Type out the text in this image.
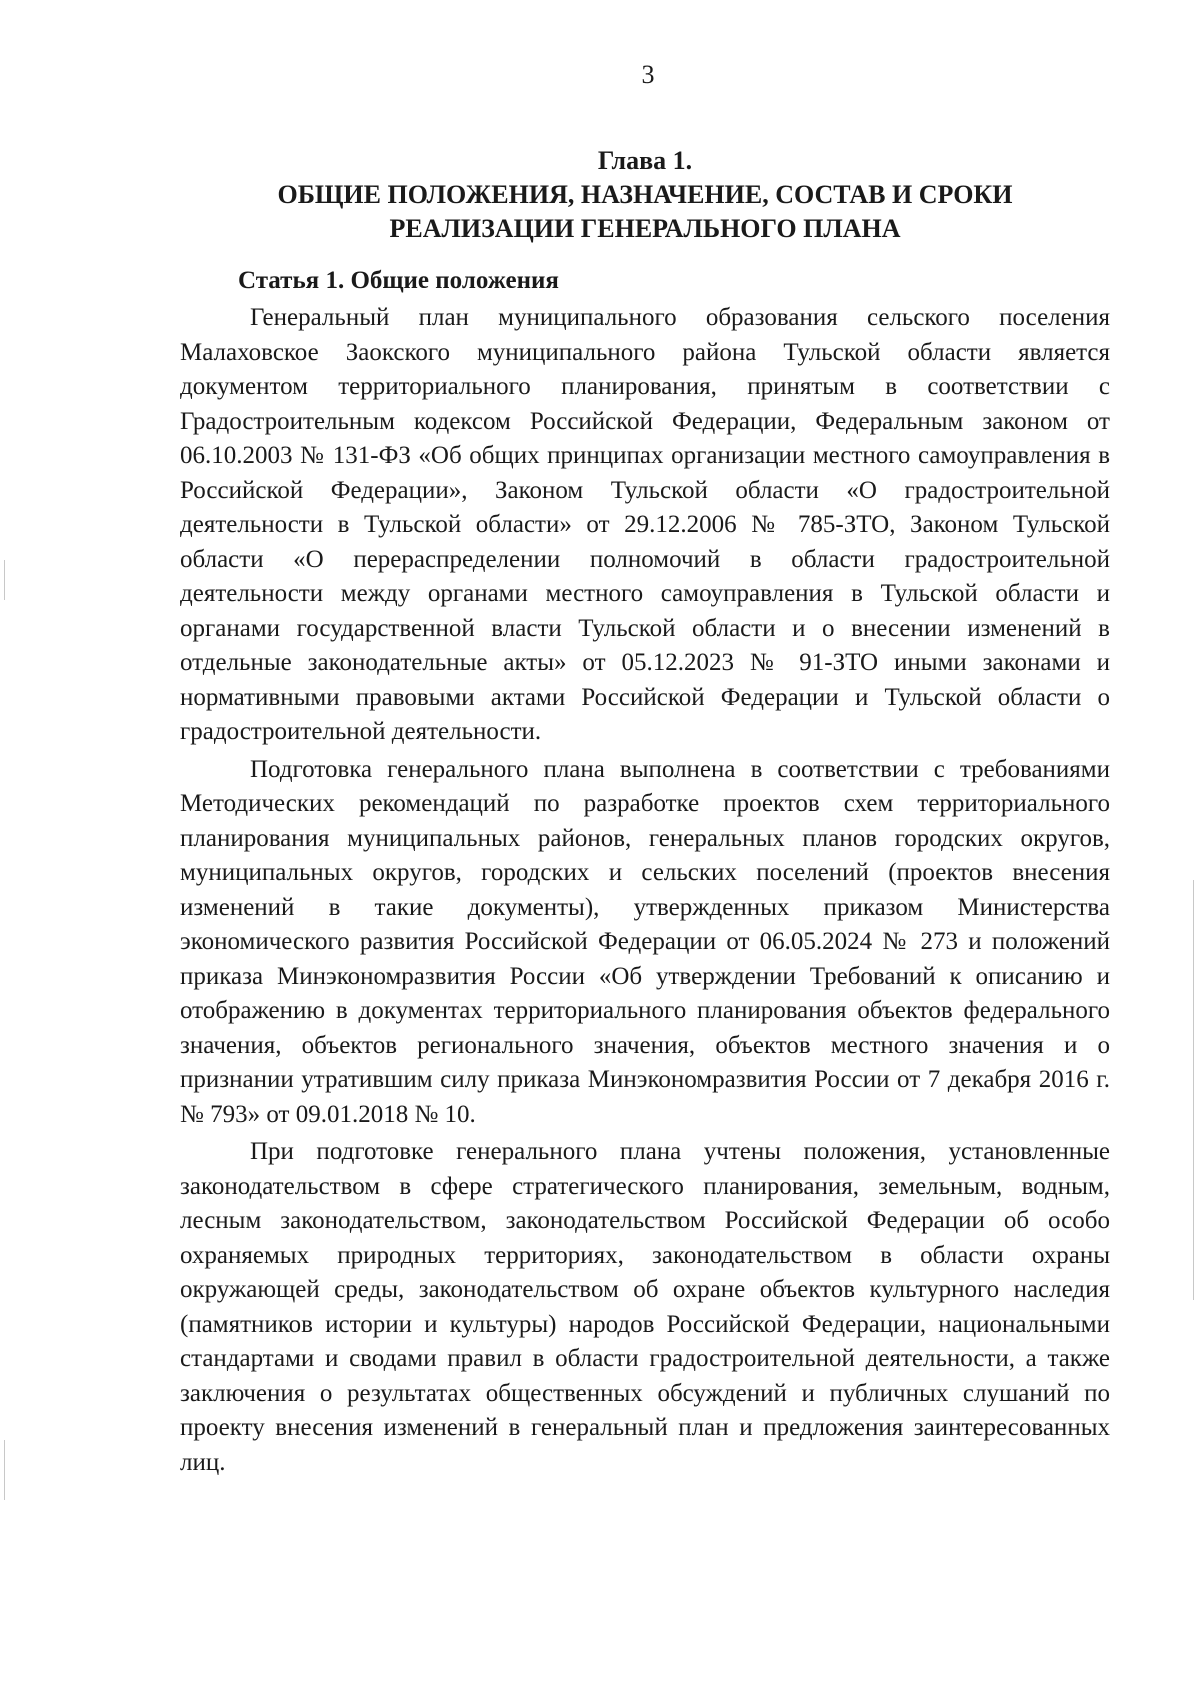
3
Глава 1.
ОБЩИЕ ПОЛОЖЕНИЯ, НАЗНАЧЕНИЕ, СОСТАВ И СРОКИ
РЕАЛИЗАЦИИ ГЕНЕРАЛЬНОГО ПЛАНА
Статья 1. Общие положения

Генеральный план муниципального образования сельского поселения Малаховское Заокского муниципального района Тульской области является документом территориального планирования, принятым в соответствии с Градостроительным кодексом Российской Федерации, Федеральным законом от 06.10.2003 № 131-ФЗ «Об общих принципах организации местного самоуправления в Российской Федерации», Законом Тульской области «О градостроительной деятельности в Тульской области» от 29.12.2006 № 785-ЗТО, Законом Тульской области «О перераспределении полномочий в области градостроительной деятельности между органами местного самоуправления в Тульской области и органами государственной власти Тульской области и о внесении изменений в отдельные законодательные акты» от 05.12.2023 № 91-ЗТО иными законами и нормативными правовыми актами Российской Федерации и Тульской области о градостроительной деятельности.

Подготовка генерального плана выполнена в соответствии с требованиями Методических рекомендаций по разработке проектов схем территориального планирования муниципальных районов, генеральных планов городских округов, муниципальных округов, городских и сельских поселений (проектов внесения изменений в такие документы), утвержденных приказом Министерства экономического развития Российской Федерации от 06.05.2024 № 273 и положений приказа Минэкономразвития России «Об утверждении Требований к описанию и отображению в документах территориального планирования объектов федерального значения, объектов регионального значения, объектов местного значения и о признании утратившим силу приказа Минэкономразвития России от 7 декабря 2016 г. № 793» от 09.01.2018 № 10.

При подготовке генерального плана учтены положения, установленные законодательством в сфере стратегического планирования, земельным, водным, лесным законодательством, законодательством Российской Федерации об особо охраняемых природных территориях, законодательством в области охраны окружающей среды, законодательством об охране объектов культурного наследия (памятников истории и культуры) народов Российской Федерации, национальными стандартами и сводами правил в области градостроительной деятельности, а также заключения о результатах общественных обсуждений и публичных слушаний по проекту внесения изменений в генеральный план и предложения заинтересованных лиц.
